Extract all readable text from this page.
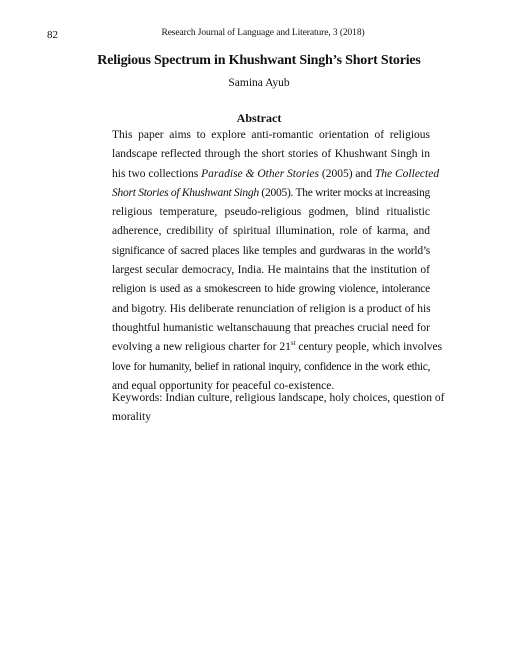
82	Research Journal of Language and Literature, 3 (2018)
Religious Spectrum in Khushwant Singh’s Short Stories
Samina Ayub
Abstract
This paper aims to explore anti-romantic orientation of religious
landscape reflected through the short stories of Khushwant Singh in
his two collections Paradise & Other Stories (2005) and The Collected
Short Stories of Khushwant Singh (2005). The writer mocks at increasing
religious temperature, pseudo-religious godmen, blind ritualistic
adherence, credibility of spiritual illumination, role of karma, and
significance of sacred places like temples and gurdwaras in the world’s
largest secular democracy, India. He maintains that the institution of
religion is used as a smokescreen to hide growing violence, intolerance
and bigotry. His deliberate renunciation of religion is a product of his
thoughtful humanistic weltanschauung that preaches crucial need for
evolving a new religious charter for 21st century people, which involves
love for humanity, belief in rational inquiry, confidence in the work ethic,
and equal opportunity for peaceful co-existence.
Keywords: Indian culture, religious landscape, holy choices, question of
morality
